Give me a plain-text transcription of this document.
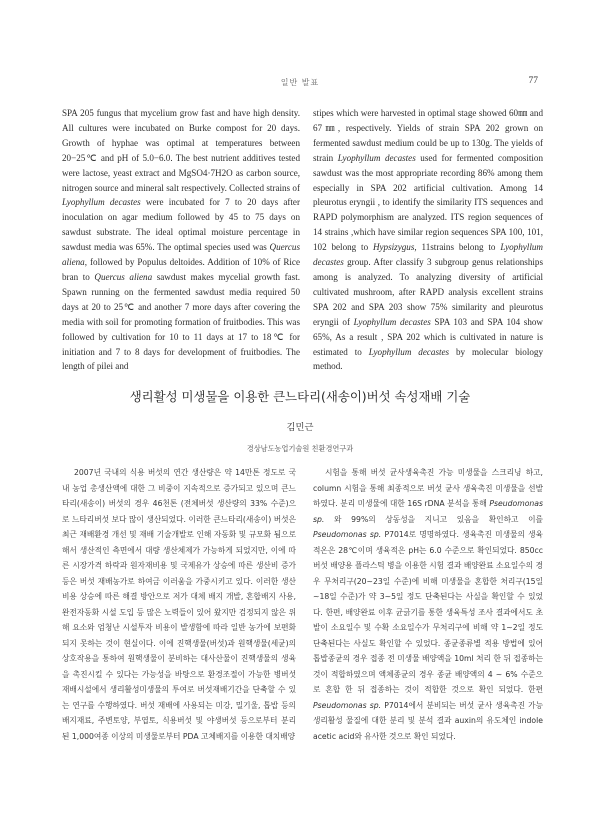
일반 발표	77

SPA 205 fungus that mycelium grow fast and have high density. All cultures were incubated on Burke compost for 20 days. Growth of hyphae was optimal at temperatures between 20−25℃ and pH of 5.0−6.0. The best nutrient additives tested were lactose, yeast extract and MgSO4·7H2O as carbon source, nitrogen source and mineral salt respectively. Collected strains of Lyophyllum decastes were incubated for 7 to 20 days after inoculation on agar medium followed by 45 to 75 days on sawdust substrate. The ideal optimal moisture percentage in sawdust media was 65%. The optimal species used was Quercus aliena, followed by Populus deltoides. Addition of 10% of Rice bran to Quercus aliena sawdust makes mycelial growth fast. Spawn running on the fermented sawdust media required 50 days at 20 to 25℃ and another 7 more days after covering the media with soil for promoting formation of fruitbodies. This was followed by cultivation for 10 to 11 days at 17 to 18℃ for initiation and 7 to 8 days for development of fruitbodies. The length of pilei and

stipes which were harvested in optimal stage showed 60㎜ and 67㎜, respectively. Yields of strain SPA 202 grown on fermented sawdust medium could be up to 130g. The yields of strain Lyophyllum decastes used for fermented composition sawdust was the most appropriate recording 86% among them especially in SPA 202 artificial cultivation. Among 14 pleurotus eryngii , to identify the similarity ITS sequences and RAPD polymorphism are analyzed. ITS region sequences of 14 strains ,which have similar region sequences SPA 100, 101, 102 belong to Hypsizygus, 11strains belong to Lyophyllum decastes group. After classify 3 subgroup genus relationships among is analyzed. To analyzing diversity of artificial cultivated mushroom, after RAPD analysis excellent strains SPA 202 and SPA 203 show 75% similarity and pleurotus eryngii of Lyophyllum decastes SPA 103 and SPA 104 show 65%, As a result , SPA 202 which is cultivated in nature is estimated to Lyophyllum decastes by molecular biology method.

생리활성 미생물을 이용한 큰느타리(새송이)버섯 속성재배 기술
김민근
경상남도농업기술원 친환경연구과

2007년 국내의 식용 버섯의 연간 생산량은 약 14만톤 정도로 국내 농업 총생산액에 대한 그 비중이 지속적으로 증가되고 있으며 큰느타리(새송이) 버섯의 경우 46천톤 (전체버섯 생산량의 33% 수준)으로 느타리버섯 보다 많이 생산되었다. 이러한 큰느타리(새송이) 버섯은 최근 재배환경 개선 및 재배 기술개발로 인해 자동화 및 규모화 됨으로 해서 생산적인 측면에서 대량 생산체제가 가능하게 되었지만, 이에 따른 시장가격 하락과 원자재비용 및 국제유가 상승에 따른 생산비 증가 등은 버섯 재배농가로 하여금 이러움을 가중시키고 있다. 이러한 생산비용 상승에 따른 해결 방안으로 저가 대체 배지 개발, 혼합배지 사용, 완전자동화 시설 도입 등 많은 노력들이 있어 왔지만 검정되지 않은 위해 요소와 엄청난 시설투자 비용이 발생함에 따라 일반 농가에 보편화되지 못하는 것이 현실이다. 이에 진핵생물(버섯)과 원핵생물(세균)의 상호작용을 통하여 원핵생물이 분비하는 대사산물이 진핵생물의 생육을 촉진시킬 수 있다는 가능성을 바탕으로 환경조절이 가능한 병버섯 재배시설에서 생리활성미생물의 투여로 버섯재배기간을 단축할 수 있는 연구를 수행하였다. 버섯 재배에 사용되는 미강, 밀기울, 톱밥 등의 배지재료, 주변토양, 부엽토, 식용버섯 및 야생버섯 등으로부터 분리 된 1,000여종 이상의 미생물로부터 PDA 고체배지를 이용한 대치배양

시험을 통해 버섯 균사생육촉진 가능 미생물을 스크리닝 하고, column 시험을 통해 최종적으로 버섯 균사 생육촉진 미생물을 선발하였다. 분리 미생물에 대한 16S rDNA 분석을 통해 Pseudomonas sp. 와 99%의 상동성을 지니고 있음을 확인하고 이를 Pseudomonas sp. P7014로 명명하였다. 생육촉진 미생물의 생육적온은 28℃이며 생육적은 pH는 6.0 수준으로 확인되었다. 850cc 버섯 배양용 플라스틱 병을 이용한 시험 결과 배양완료 소요일수의 경우 무처리구(20~23일 수준)에 비해 미생물을 혼합한 처리구(15일~18일 수준)가 약 3~5일 정도 단축된다는 사실을 확인할 수 있었다. 한편, 배양완료 이후 균긁기를 통한 생육특성 조사 결과에서도 초발이 소요일수 및 수확 소요일수가 무처리구에 비해 약 1~2일 정도 단축된다는 사실도 확인할 수 있었다. 종균종류별 적용 방법에 있어 톱밥종균의 경우 접종 전 미생물 배양액을 10ml 처리 한 뒤 접종하는 것이 적합하였으며 액체종균의 경우 종균 배양액의 4 ~ 6% 수준으로 혼합 한 뒤 접종하는 것이 적합한 것으로 확인 되었다. 한편 Pseudomonas sp. P7014에서 분비되는 버섯 균사 생육촉진 가능 생리활성 물질에 대한 분리 및 분석 결과 auxin의 유도체인 indole acetic acid와 유사한 것으로 확인 되었다.
